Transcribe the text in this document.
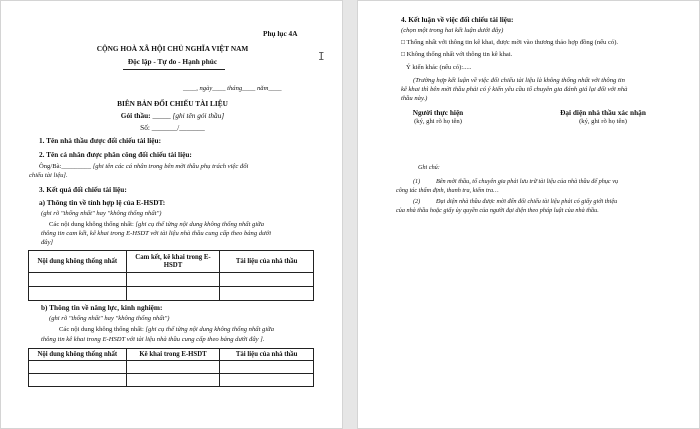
Phụ lục 4A
CỘNG HOÀ XÃ HỘI CHỦ NGHĨA VIỆT NAM
Độc lập - Tự do - Hạnh phúc
____, ngày____ tháng____ năm____
BIÊN BẢN ĐỐI CHIẾU TÀI LIỆU
Gói thầu: _____ [ghi tên gói thầu]
Số: _______/_______
1. Tên nhà thầu được đối chiếu tài liệu:
2. Tên cá nhân được phân công đối chiếu tài liệu:
Ông/Bà:_________ [ghi tên các cá nhân trong bên mời thầu phụ trách việc đối
chiếu tài liệu].
3. Kết quả đối chiếu tài liệu:
a) Thông tin về tính hợp lệ của E-HSDT:
(ghi rõ "thống nhất" hay "không thống nhất")
Các nội dung không thống nhất: [ghi cụ thể từng nội dung không thống nhất giữa
thông tin cam kết, kê khai trong E-HSDT với tài liệu nhà thầu cung cấp theo bảng dưới
đây]
Nội dung không thống nhất	Cam kết, kê khai trong E-HSDT	Tài liệu của nhà thầu

b) Thông tin về năng lực, kinh nghiệm:
(ghi rõ "thống nhất" hay "không thống nhất")
Các nội dung không thống nhất: [ghi cụ thể từng nội dung không thống nhất giữa
thông tin kê khai trong E-HSDT với tài liệu nhà thầu cung cấp theo bảng dưới đây ].
Nội dung không thống nhất	Kê khai trong E-HSDT	Tài liệu của nhà thầu

I
4. Kết luận về việc đối chiếu tài liệu:
(chọn một trong hai kết luận dưới đây)
□ Thống nhất với thông tin kê khai, được mời vào thương thảo hợp đồng (nếu có).
□ Không thống nhất với thông tin kê khai.
Ý kiến khác (nếu có):.....
(Trường hợp kết luận về việc đối chiếu tài liệu là không thống nhất với thông tin
kê khai thì bên mời thầu phải có ý kiến yêu cầu tổ chuyên gia đánh giá lại đối với nhà
thầu này.)
Người thực hiện
(ký, ghi rõ họ tên)
Đại diện nhà thầu xác nhận
(ký, ghi rõ họ tên)
Ghi chú:
(1)	Bên mời thầu, tổ chuyên gia phải lưu trữ tài liệu của nhà thầu để phục vụ
công tác thẩm định, thanh tra, kiểm tra…
(2)	Đại diện nhà thầu được mời đến đối chiếu tài liệu phải có giấy giới thiệu
của nhà thầu hoặc giấy ủy quyền của người đại diện theo pháp luật của nhà thầu.
